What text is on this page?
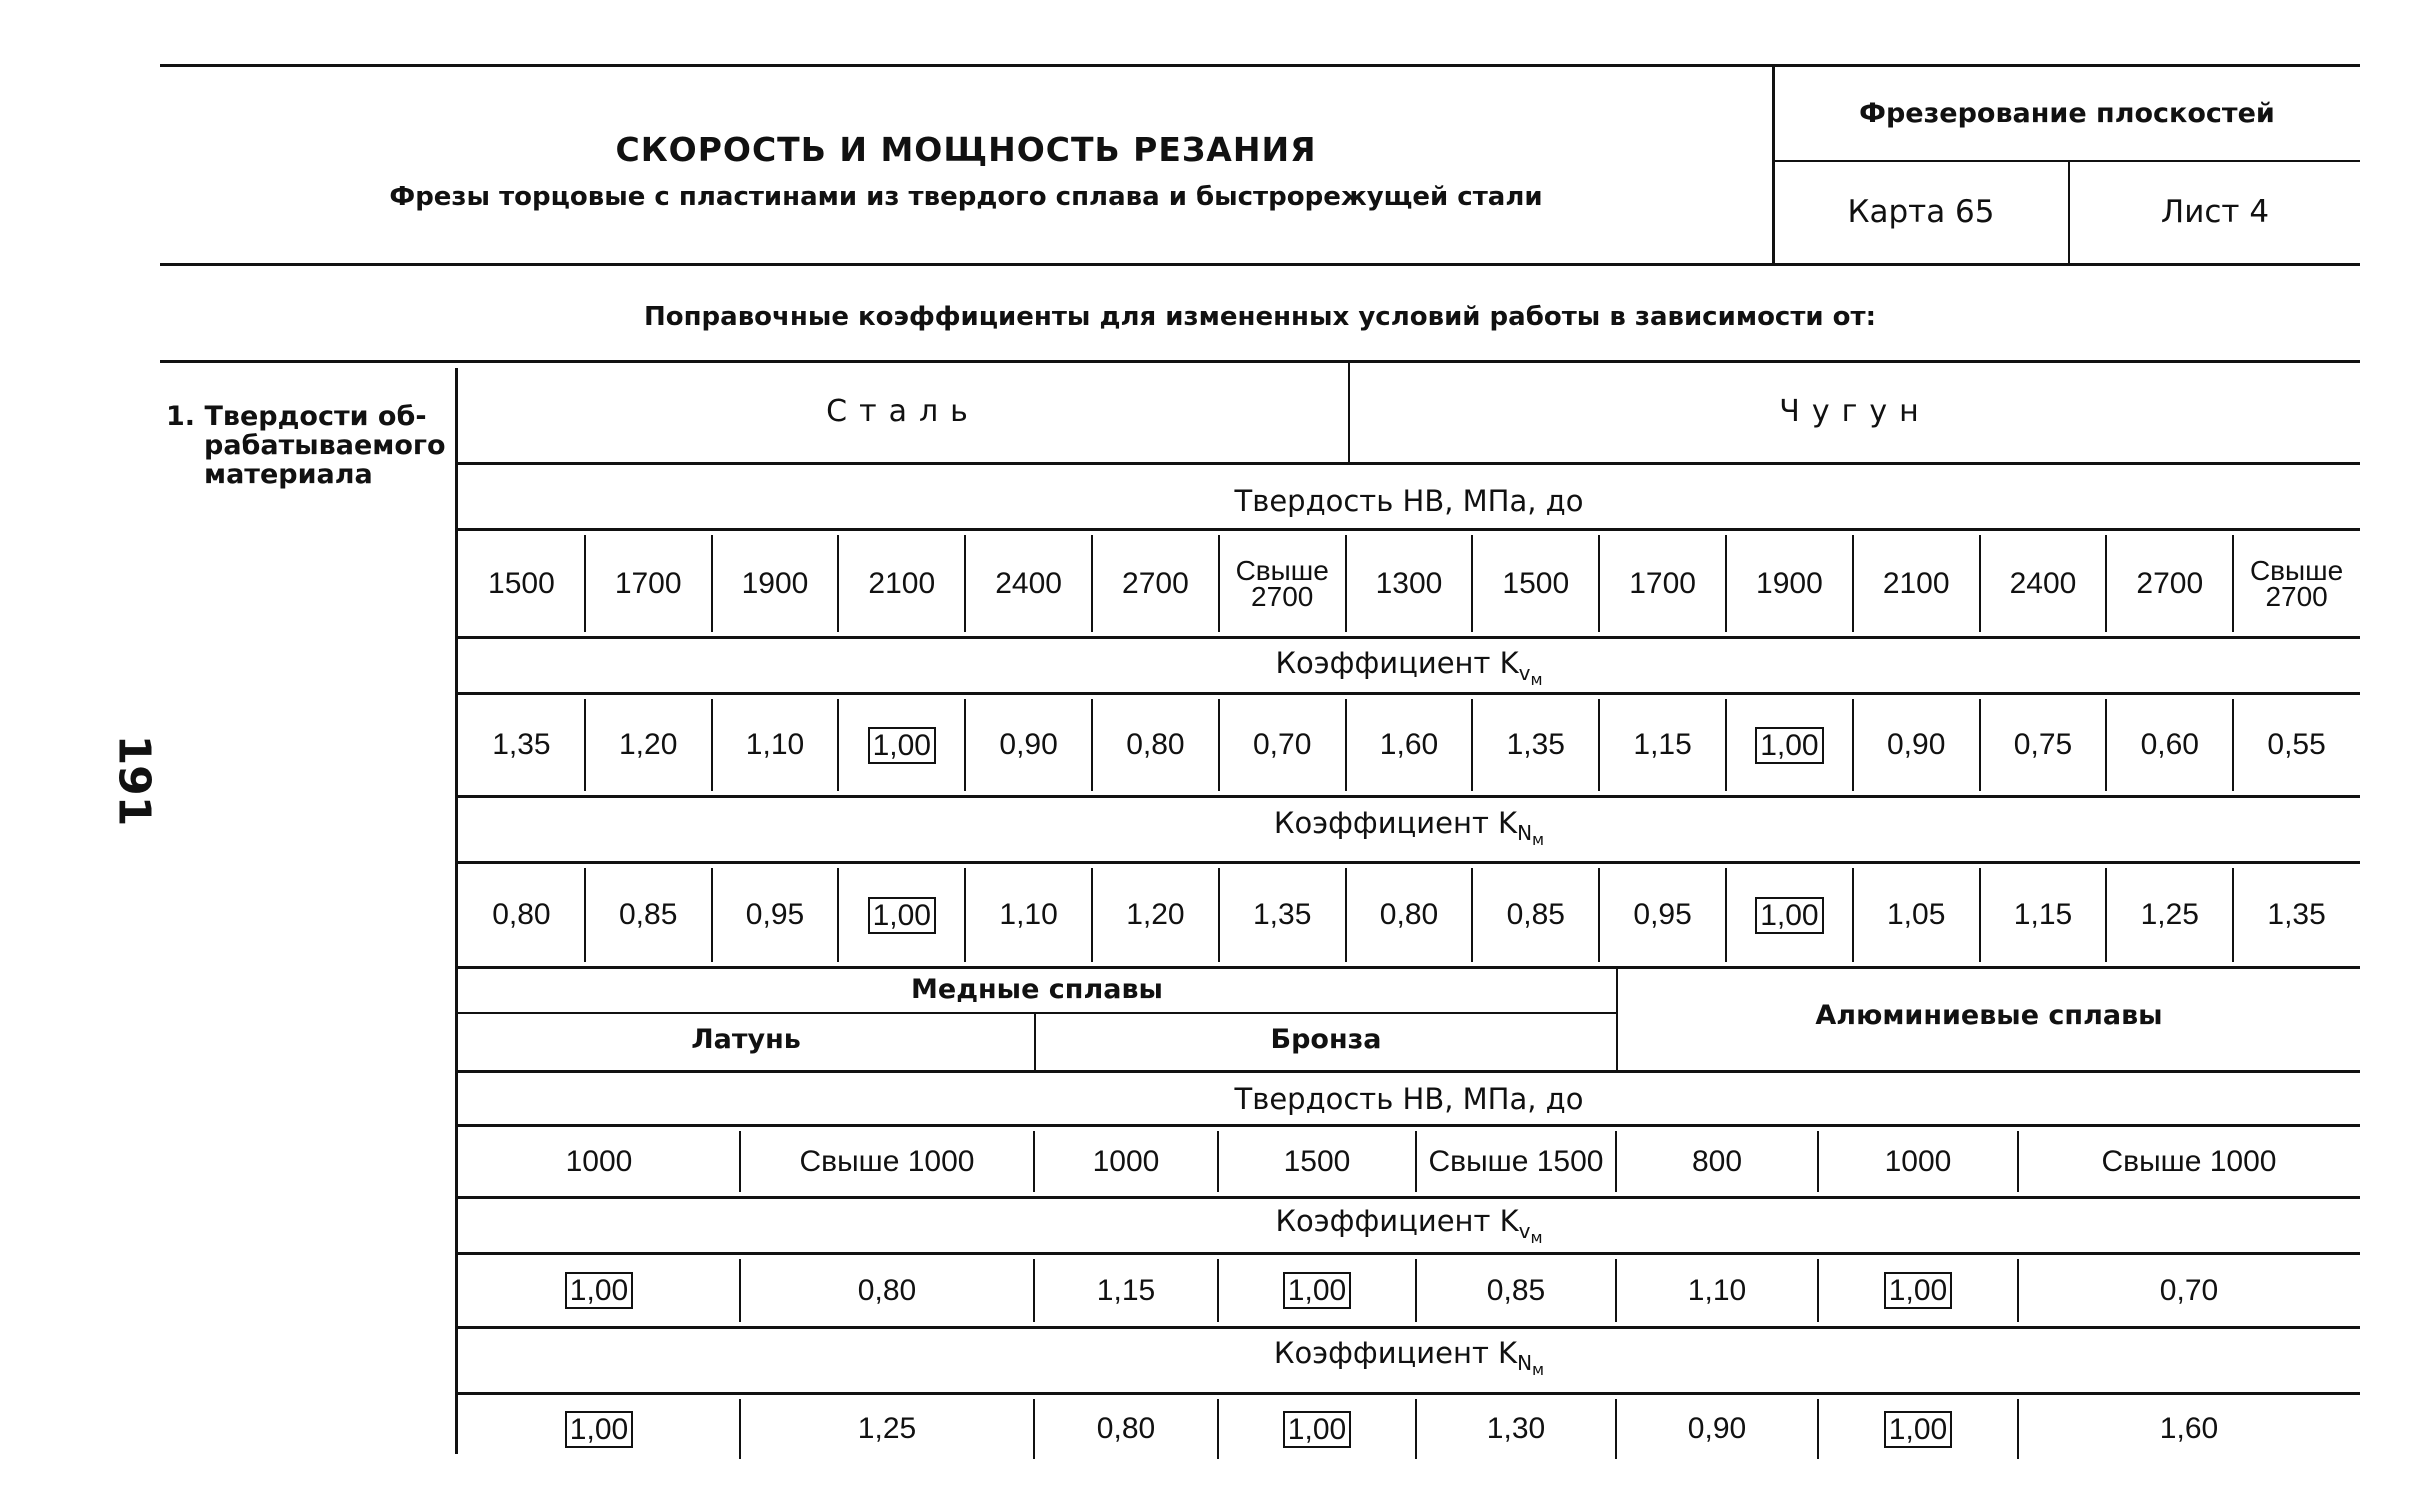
СКОРОСТЬ И МОЩНОСТЬ РЕЗАНИЯ
Фрезы торцовые с пластинами из твердого сплава и быстрорежущей стали
Фрезерование плоскостей
Карта 65	Лист 4
Поправочные коэффициенты для измененных условий работы в зависимости от:
191
1. Твердости об-
рабатываемого
материала
Сталь	Чугун
Твердость НВ, МПа, до
1500 1700 1900 2100 2400 2700	Свыше 2700	1300 1500 1700 1900 2100 2400 2700	Свыше 2700
Коэффициент $K_{v_м}$
1,35 1,20 1,10 1,00 0,90 0,80 0,70 1,60 1,35 1,15 1,00 0,90 0,75 0,60 0,55
Коэффициент $K_{N_м}$
0,80 0,85 0,95 1,00 1,10 1,20 1,35 0,80 0,85 0,95 1,00 1,05 1,15 1,25 1,35
Медные сплавы
Латунь	Бронза
Алюминиевые сплавы
Твердость НВ, МПа, до
1000	Свыше 1000	1000	1500	Свыше 1500	800	1000	Свыше 1000
Коэффициент $K_{v_м}$
1,00	0,80	1,15	1,00	0,85	1,10	1,00	0,70
Коэффициент $K_{N_м}$
1,00	1,25	0,80	1,00	1,30	0,90	1,00	1,60
